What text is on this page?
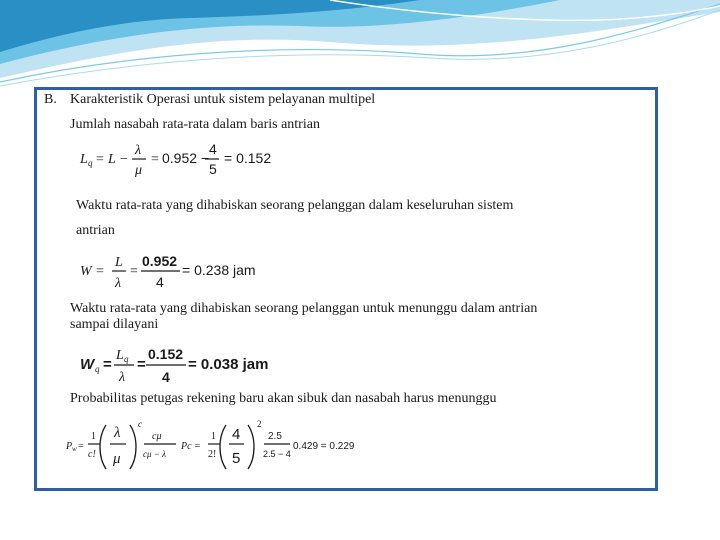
B. Karakteristik Operasi untuk sistem pelayanan multipel
Jumlah nasabah rata-rata dalam baris antrian
L q = L −
λ
μ
= 0.952 −
4
5
= 0.152
Waktu rata-rata yang dihabiskan seorang pelanggan dalam keseluruhan sistem
antrian
W =
L
λ
=
0.952
4
= 0.238 jam
Waktu rata-rata yang dihabiskan seorang pelanggan untuk menunggu dalam antrian
sampai dilayani
W q =
L q
λ
=
0.152
4
= 0.038 jam
Probabilitas petugas rekening baru akan sibuk dan nasabah harus menunggu
P w =
1
c!
λ
μ
c
cμ
cμ − λ
Pc =
1
2!
4
5
2
2.5
2.5 − 4
0.429 = 0.229
